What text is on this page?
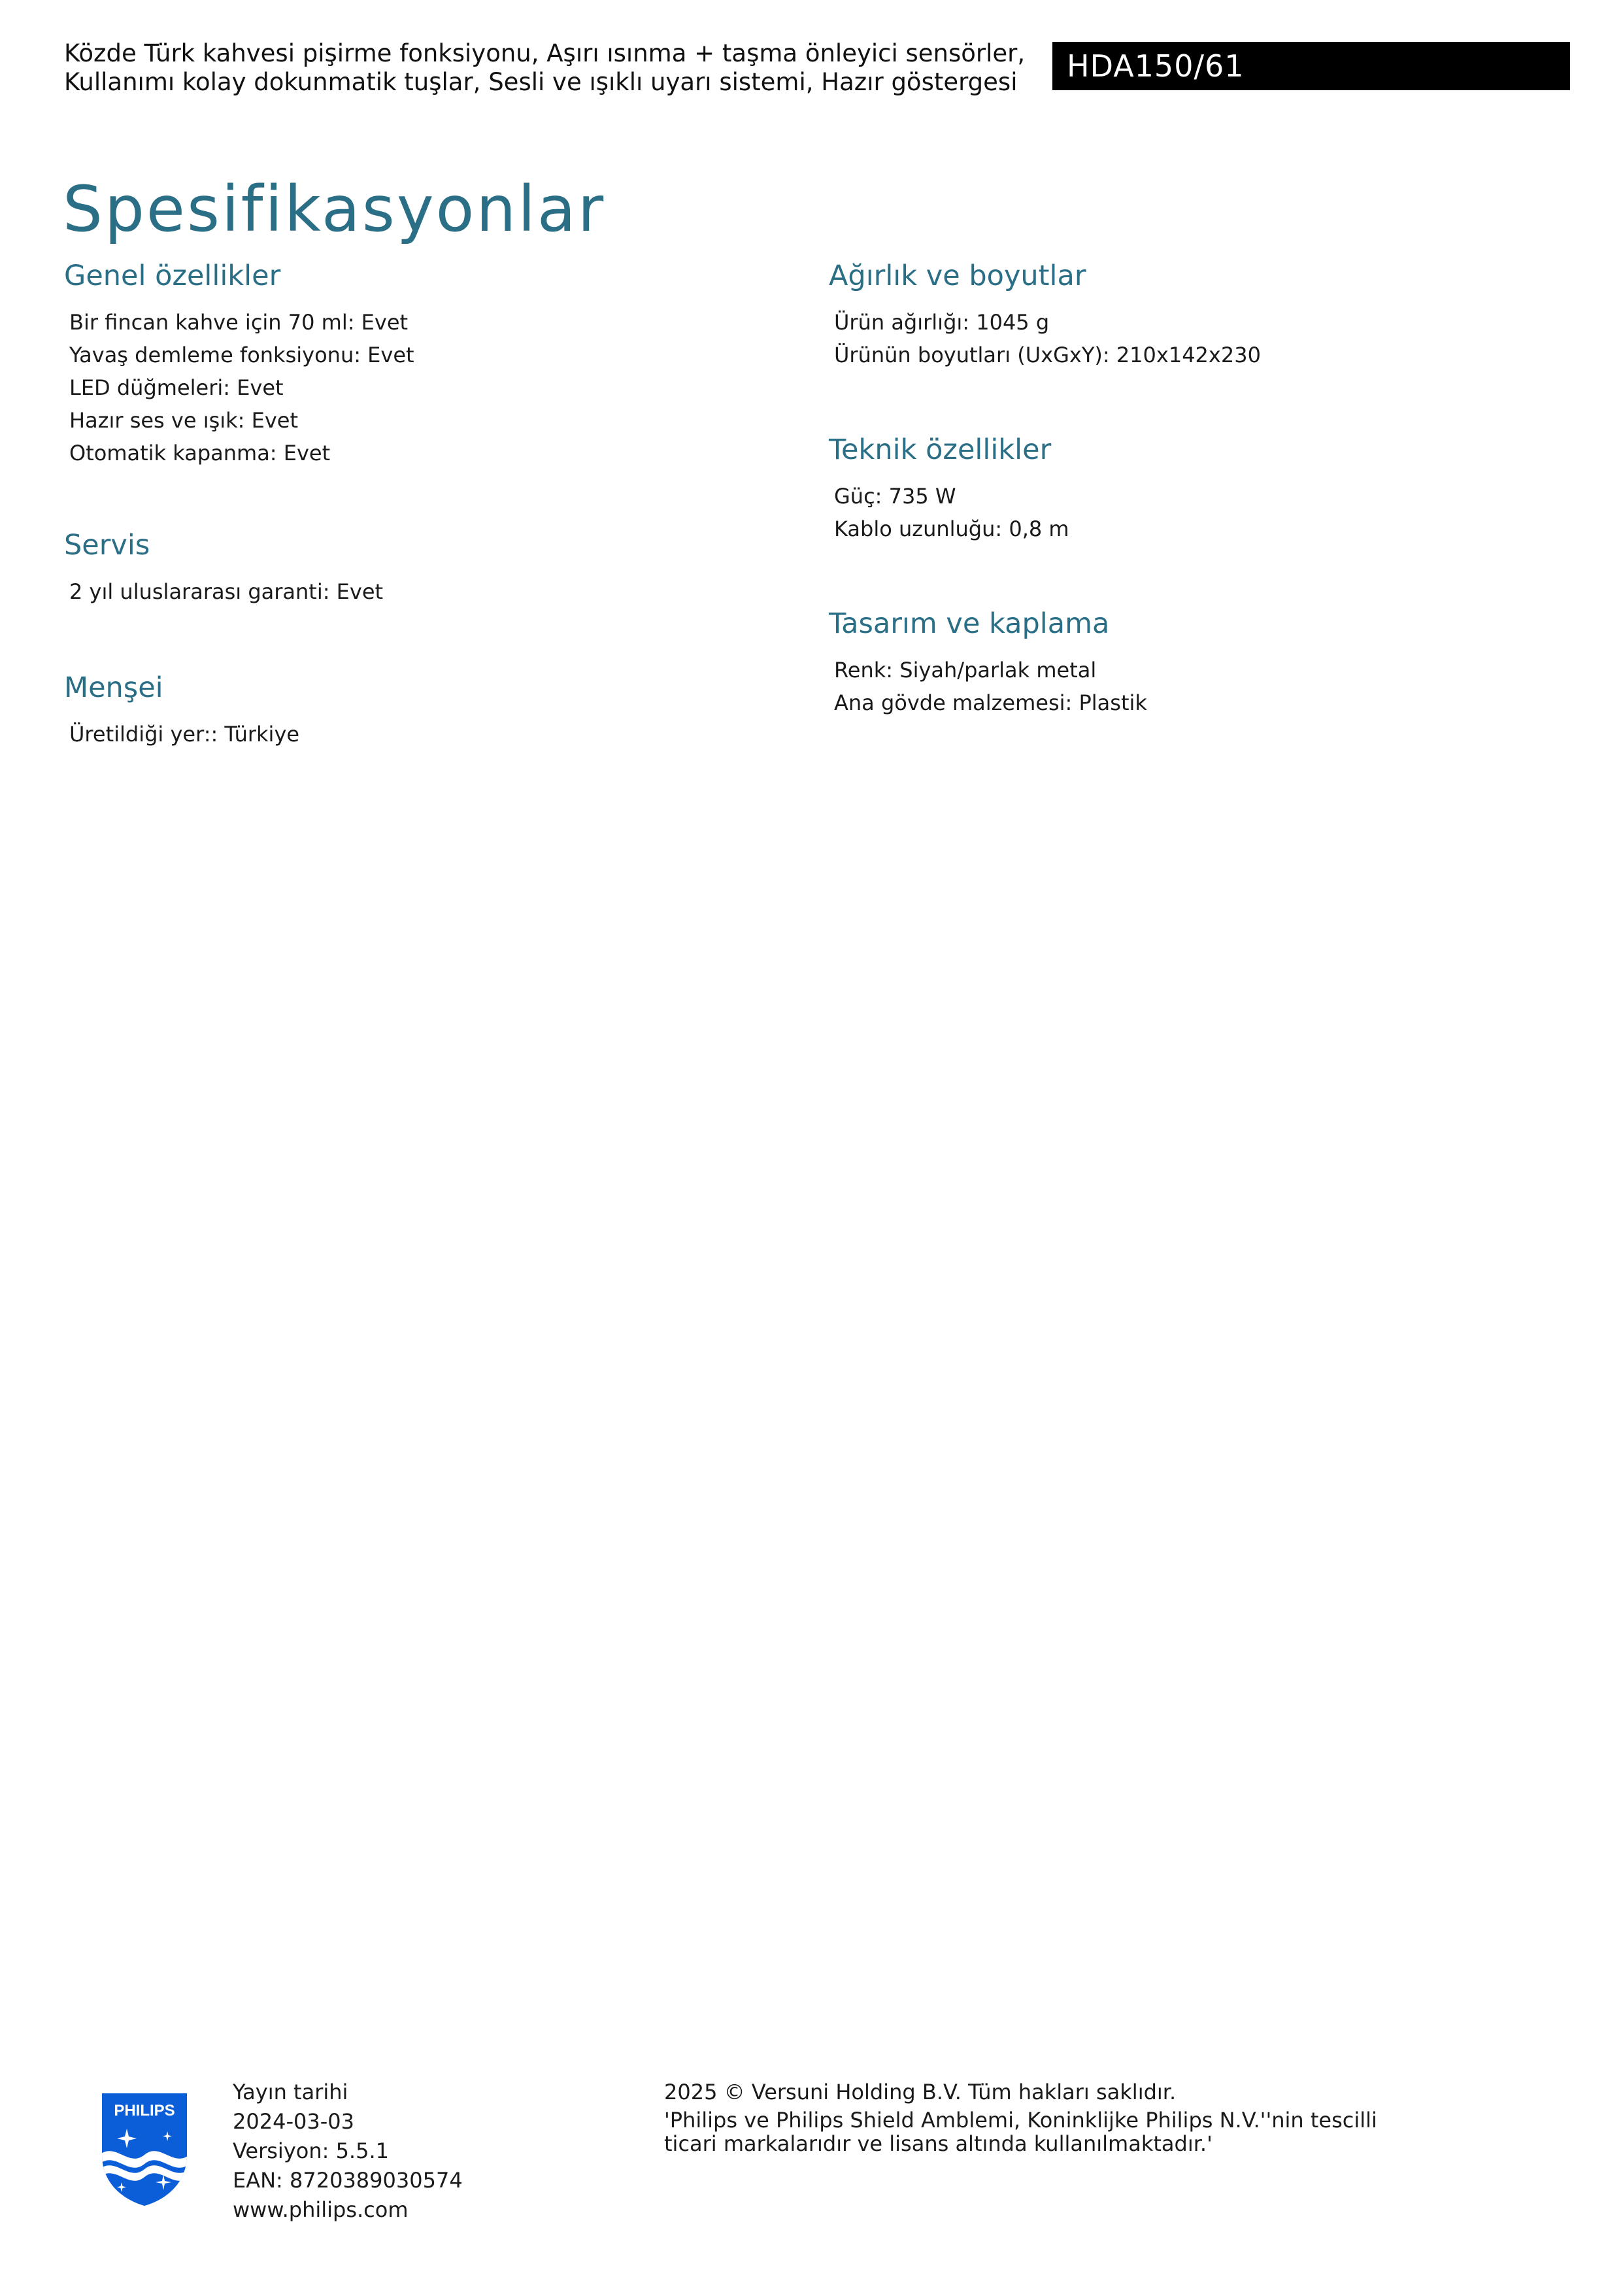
Közde Türk kahvesi pişirme fonksiyonu, Aşırı ısınma + taşma önleyici sensörler,
Kullanımı kolay dokunmatik tuşlar, Sesli ve ışıklı uyarı sistemi, Hazır göstergesi	HDA150/61
Spesifikasyonlar
Genel özellikler
Bir fincan kahve için 70 ml: Evet
Yavaş demleme fonksiyonu: Evet
LED düğmeleri: Evet
Hazır ses ve ışık: Evet
Otomatik kapanma: Evet
Servis
2 yıl uluslararası garanti: Evet
Menşei
Üretildiği yer:: Türkiye
Ağırlık ve boyutlar
Ürün ağırlığı: 1045 g
Ürünün boyutları (UxGxY): 210x142x230
Teknik özellikler
Güç: 735 W
Kablo uzunluğu: 0,8 m
Tasarım ve kaplama
Renk: Siyah/parlak metal
Ana gövde malzemesi: Plastik
PHILIPS
Yayın tarihi
2024-03-03
Versiyon: 5.5.1
EAN: 8720389030574
www.philips.com
2025 © Versuni Holding B.V. Tüm hakları saklıdır.
'Philips ve Philips Shield Amblemi, Koninklijke Philips N.V.''nin tescilli
ticari markalarıdır ve lisans altında kullanılmaktadır.'
